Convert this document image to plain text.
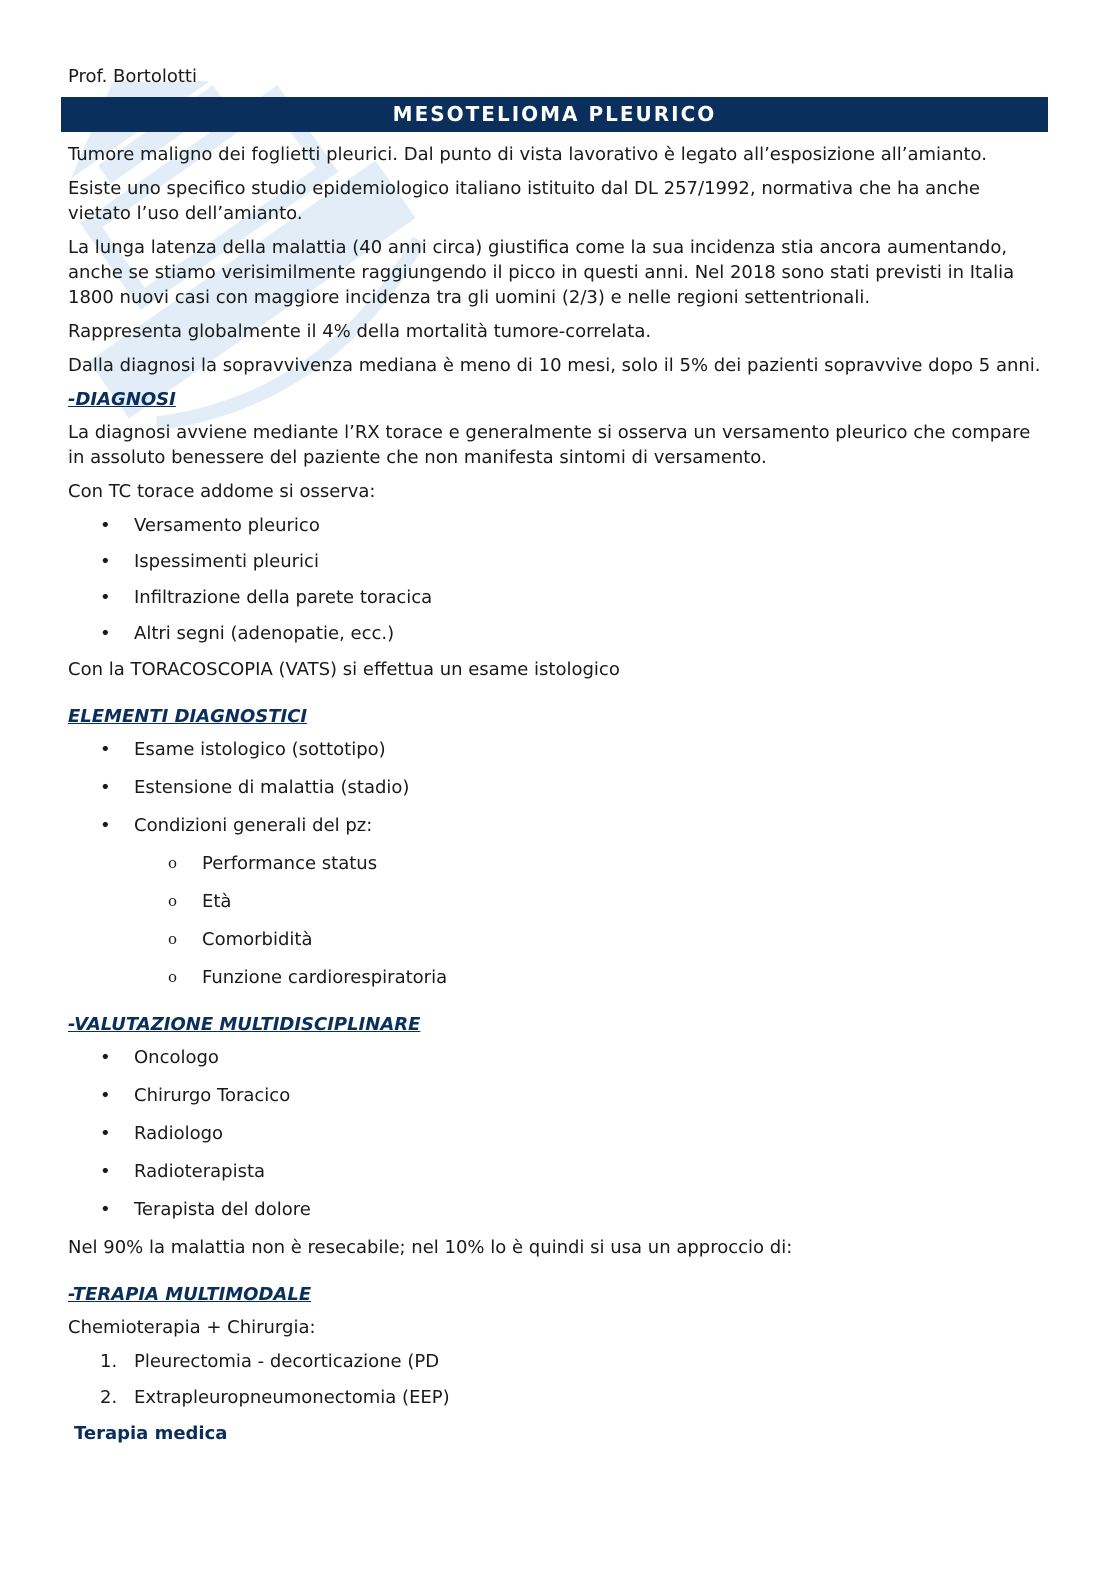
Prof. Bortolotti
MESOTELIOMA PLEURICO

Tumore maligno dei foglietti pleurici. Dal punto di vista lavorativo è legato all’esposizione all’amianto.

Esiste uno specifico studio epidemiologico italiano istituito dal DL 257/1992, normativa che ha anche vietato l’uso dell’amianto.

La lunga latenza della malattia (40 anni circa) giustifica come la sua incidenza stia ancora aumentando, anche se stiamo verisimilmente raggiungendo il picco in questi anni. Nel 2018 sono stati previsti in Italia 1800 nuovi casi con maggiore incidenza tra gli uomini (2/3) e nelle regioni settentrionali.

Rappresenta globalmente il 4% della mortalità tumore-correlata.

Dalla diagnosi la sopravvivenza mediana è meno di 10 mesi, solo il 5% dei pazienti sopravvive dopo 5 anni.

-DIAGNOSI

La diagnosi avviene mediante l’RX torace e generalmente si osserva un versamento pleurico che compare in assoluto benessere del paziente che non manifesta sintomi di versamento.

Con TC torace addome si osserva:

• Versamento pleurico
• Ispessimenti pleurici
• Infiltrazione della parete toracica
• Altri segni (adenopatie, ecc.)

Con la TORACOSCOPIA (VATS) si effettua un esame istologico

ELEMENTI DIAGNOSTICI
• Esame istologico (sottotipo)
• Estensione di malattia (stadio)
• Condizioni generali del pz:
o Performance status
o Età
o Comorbidità
o Funzione cardiorespiratoria
-VALUTAZIONE MULTIDISCIPLINARE
• Oncologo
• Chirurgo Toracico
• Radiologo
• Radioterapista
• Terapista del dolore

Nel 90% la malattia non è resecabile; nel 10% lo è quindi si usa un approccio di:

-TERAPIA MULTIMODALE

Chemioterapia + Chirurgia:

1. Pleurectomia - decorticazione (PD
2. Extrapleuropneumonectomia (EEP)
Terapia medica
